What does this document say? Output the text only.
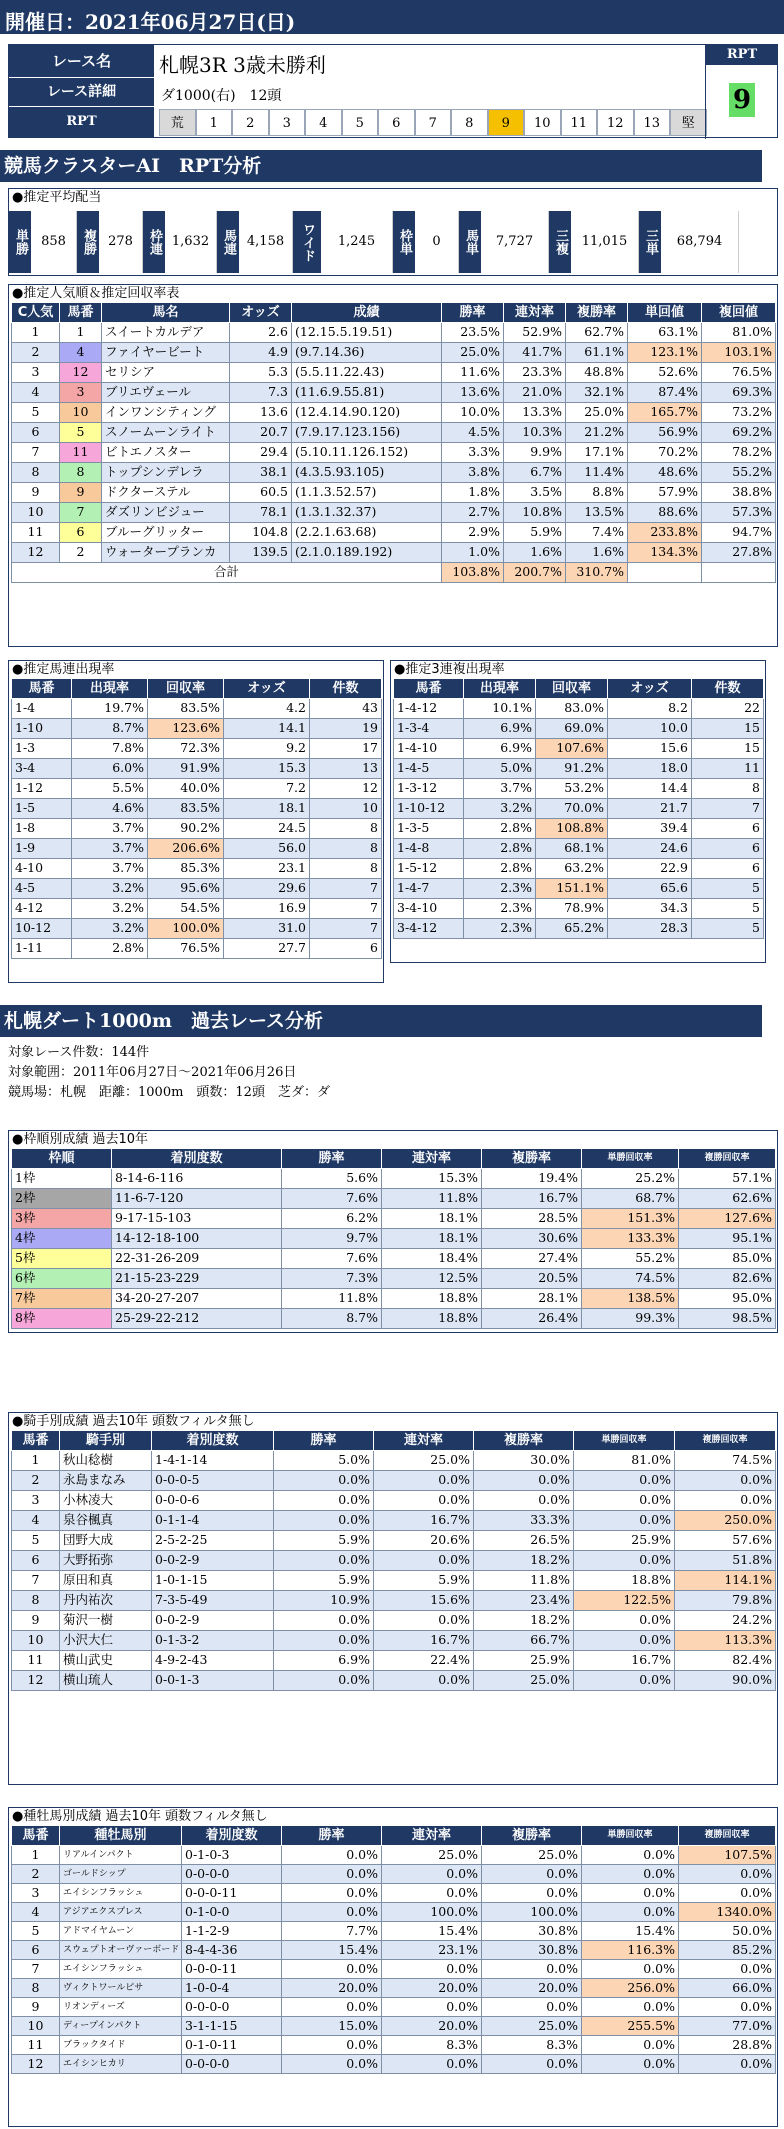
開催日：2021年06月27日(日)
レース名	札幌3R 3歳未勝利
レース詳細	ダ1000(右)　12頭
RPT	荒	1	2	3	4	5	6	7	8	9	10	11	12	13	堅
RPT
9
競馬クラスターAI　RPT分析
●推定平均配当
単勝	858	複勝 278	枠連 1,632 馬連 4,158	ワイド	1,245	枠単	0	馬単	7,727	三複	11,015	三単	68,794
●推定人気順＆推定回収率表
C人気	馬番	馬名	オッズ	成績	勝率	連対率	複勝率	単回値	複回値
1	1	スイートカルデア	2.6	(12.15.5.19.51)	23.5%	52.9%	62.7%	63.1%	81.0%
2	4	ファイヤービート	4.9	(9.7.14.36)	25.0%	41.7%	61.1%	123.1%	103.1%
3	12	セリシア	5.3	(5.5.11.22.43)	11.6%	23.3%	48.8%	52.6%	76.5%
4	3	ブリエヴェール	7.3	(11.6.9.55.81)	13.6%	21.0%	32.1%	87.4%	69.3%
5	10	インワンシティング	13.6	(12.4.14.90.120)	10.0%	13.3%	25.0%	165.7%	73.2%
6	5	スノームーンライト	20.7	(7.9.17.123.156)	4.5%	10.3%	21.2%	56.9%	69.2%
7	11	ビトエノスター	29.4	(5.10.11.126.152)	3.3%	9.9%	17.1%	70.2%	78.2%
8	8	トップシンデレラ	38.1	(4.3.5.93.105)	3.8%	6.7%	11.4%	48.6%	55.2%
9	9	ドクターステル	60.5	(1.1.3.52.57)	1.8%	3.5%	8.8%	57.9%	38.8%
10	7	ダズリンビジュー	78.1	(1.3.1.32.37)	2.7%	10.8%	13.5%	88.6%	57.3%
11	6	ブルーグリッター	104.8	(2.2.1.63.68)	2.9%	5.9%	7.4%	233.8%	94.7%
12	2	ウォータープランカ	139.5	(2.1.0.189.192)	1.0%	1.6%	1.6%	134.3%	27.8%
合計					103.8%	200.7%	310.7%		
●推定馬連出現率
馬番	出現率	回収率	オッズ	件数
1-4	19.7%	83.5%	4.2	43
1-10	8.7%	123.6%	14.1	19
1-3	7.8%	72.3%	9.2	17
3-4	6.0%	91.9%	15.3	13
1-12	5.5%	40.0%	7.2	12
1-5	4.6%	83.5%	18.1	10
1-8	3.7%	90.2%	24.5	8
1-9	3.7%	206.6%	56.0	8
4-10	3.7%	85.3%	23.1	8
4-5	3.2%	95.6%	29.6	7
4-12	3.2%	54.5%	16.9	7
10-12	3.2%	100.0%	31.0	7
1-11	2.8%	76.5%	27.7	6
●推定3連複出現率
馬番	出現率	回収率	オッズ	件数
1-4-12	10.1%	83.0%	8.2	22
1-3-4	6.9%	69.0%	10.0	15
1-4-10	6.9%	107.6%	15.6	15
1-4-5	5.0%	91.2%	18.0	11
1-3-12	3.7%	53.2%	14.4	8
1-10-12	3.2%	70.0%	21.7	7
1-3-5	2.8%	108.8%	39.4	6
1-4-8	2.8%	68.1%	24.6	6
1-5-12	2.8%	63.2%	22.9	6
1-4-7	2.3%	151.1%	65.6	5
3-4-10	2.3%	78.9%	34.3	5
3-4-12	2.3%	65.2%	28.3	5
札幌ダート1000m　過去レース分析
対象レース件数：144件
対象範囲：2011年06月27日～2021年06月26日
競馬場：札幌　距離：1000m　頭数：12頭　芝ダ：ダ
●枠順別成績 過去10年
枠順	着別度数	勝率	連対率	複勝率	単勝回収率	複勝回収率
1枠	8-14-6-116	5.6%	15.3%	19.4%	25.2%	57.1%
2枠	11-6-7-120	7.6%	11.8%	16.7%	68.7%	62.6%
3枠	9-17-15-103	6.2%	18.1%	28.5%	151.3%	127.6%
4枠	14-12-18-100	9.7%	18.1%	30.6%	133.3%	95.1%
5枠	22-31-26-209	7.6%	18.4%	27.4%	55.2%	85.0%
6枠	21-15-23-229	7.3%	12.5%	20.5%	74.5%	82.6%
7枠	34-20-27-207	11.8%	18.8%	28.1%	138.5%	95.0%
8枠	25-29-22-212	8.7%	18.8%	26.4%	99.3%	98.5%
●騎手別成績 過去10年 頭数フィルタ無し
馬番	騎手別	着別度数	勝率	連対率	複勝率	単勝回収率	複勝回収率
1	秋山稔樹	1-4-1-14	5.0%	25.0%	30.0%	81.0%	74.5%
2	永島まなみ	0-0-0-5	0.0%	0.0%	0.0%	0.0%	0.0%
3	小林凌大	0-0-0-6	0.0%	0.0%	0.0%	0.0%	0.0%
4	泉谷楓真	0-1-1-4	0.0%	16.7%	33.3%	0.0%	250.0%
5	団野大成	2-5-2-25	5.9%	20.6%	26.5%	25.9%	57.6%
6	大野拓弥	0-0-2-9	0.0%	0.0%	18.2%	0.0%	51.8%
7	原田和真	1-0-1-15	5.9%	5.9%	11.8%	18.8%	114.1%
8	丹内祐次	7-3-5-49	10.9%	15.6%	23.4%	122.5%	79.8%
9	菊沢一樹	0-0-2-9	0.0%	0.0%	18.2%	0.0%	24.2%
10	小沢大仁	0-1-3-2	0.0%	16.7%	66.7%	0.0%	113.3%
11	横山武史	4-9-2-43	6.9%	22.4%	25.9%	16.7%	82.4%
12	横山琉人	0-0-1-3	0.0%	0.0%	25.0%	0.0%	90.0%
●種牡馬別成績 過去10年 頭数フィルタ無し
馬番	種牡馬別	着別度数	勝率	連対率	複勝率	単勝回収率	複勝回収率
1	リアルインパクト	0-1-0-3	0.0%	25.0%	25.0%	0.0%	107.5%
2	ゴールドシップ	0-0-0-0	0.0%	0.0%	0.0%	0.0%	0.0%
3	エイシンフラッシュ	0-0-0-11	0.0%	0.0%	0.0%	0.0%	0.0%
4	アジアエクスプレス	0-1-0-0	0.0%	100.0%	100.0%	0.0%	1340.0%
5	アドマイヤムーン	1-1-2-9	7.7%	15.4%	30.8%	15.4%	50.0%
6	スウェプトオーヴァーボード	8-4-4-36	15.4%	23.1%	30.8%	116.3%	85.2%
7	エイシンフラッシュ	0-0-0-11	0.0%	0.0%	0.0%	0.0%	0.0%
8	ヴィクトワールピサ	1-0-0-4	20.0%	20.0%	20.0%	256.0%	66.0%
9	リオンディーズ	0-0-0-0	0.0%	0.0%	0.0%	0.0%	0.0%
10	ディープインパクト	3-1-1-15	15.0%	20.0%	25.0%	255.5%	77.0%
11	ブラックタイド	0-1-0-11	0.0%	8.3%	8.3%	0.0%	28.8%
12	エイシンヒカリ	0-0-0-0	0.0%	0.0%	0.0%	0.0%	0.0%
